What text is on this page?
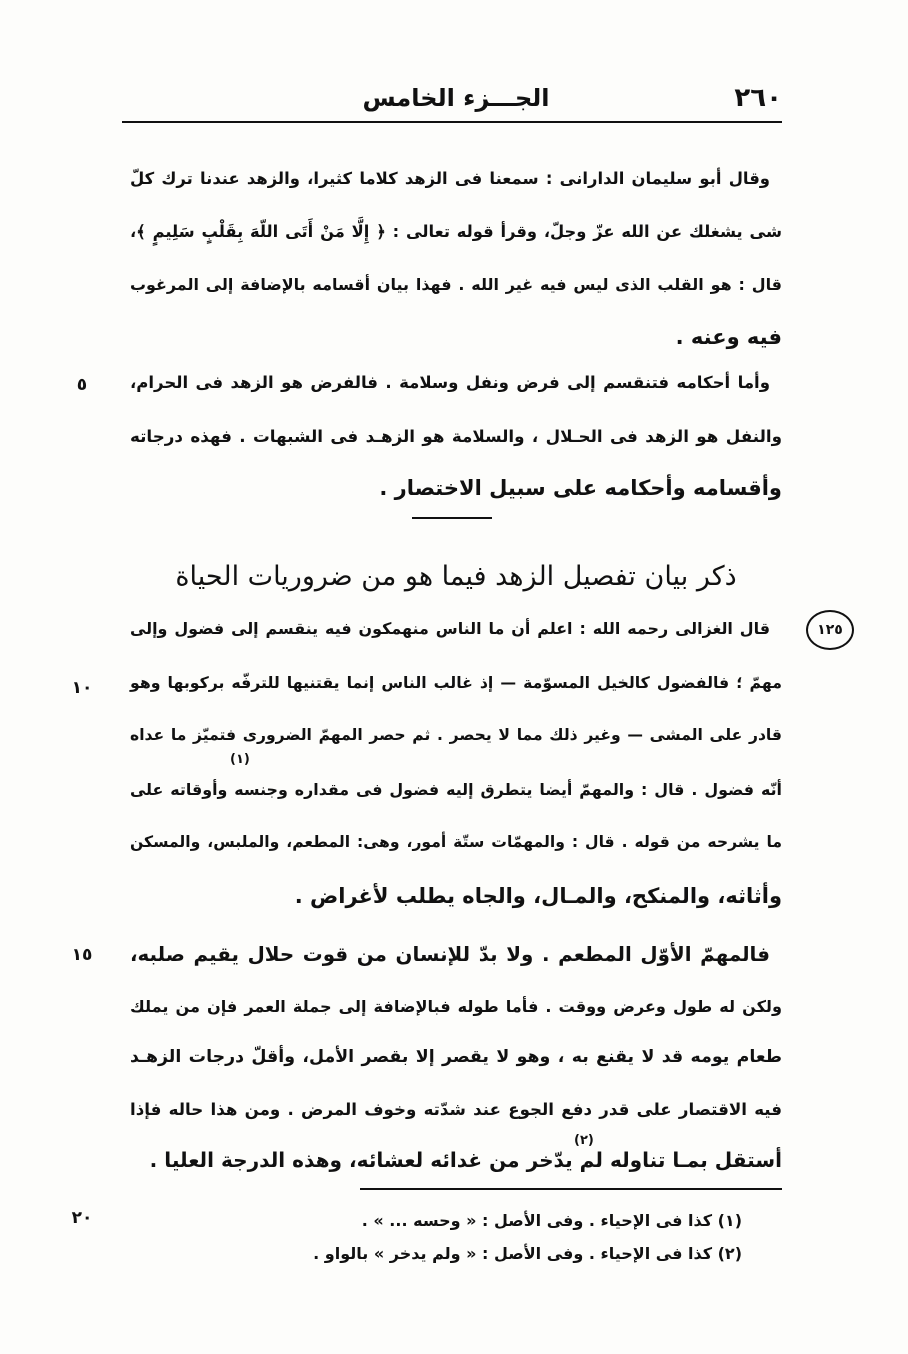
٢٦٠
الجـــزء الخامس
وقال أبو سليمان الدارانى : سمعنا فى الزهد كلاما كثيرا، والزهد عندنا ترك كلّ
شى يشغلك عن الله عزّ وجلّ، وقرأ قوله تعالى : ﴿ إِلَّا مَنْ أَتَى اللّهَ بِقَلْبٍ سَلِيمٍ ﴾،
قال : هو القلب الذى ليس فيه غير الله . فهذا بيان أقسامه بالإضافة إلى المرغوب
فيه وعنه .
وأما أحكامه فتنقسم إلى فرض ونفل وسلامة . فالفرض هو الزهد فى الحرام،
والنفل هو الزهد فى الحـلال ، والسلامة هو الزهـد فى الشبهات . فهذه درجاته
وأقسامه وأحكامه على سبيل الاختصار .
ذكر بيان تفصيل الزهد فيما هو من ضروريات الحياة
قال الغزالى رحمه الله : اعلم أن ما الناس منهمكون فيه ينقسم إلى فضول وإلى
مهمّ ؛ فالفضول كالخيل المسوّمة — إذ غالب الناس إنما يقتنيها للترفّه بركوبها وهو
قادر على المشى — وغير ذلك مما لا يحصر . ثم حصر المهمّ الضرورى فتميّز ما عداه
أنّه فضول . قال : والمهمّ أيضا يتطرق إليه فضول فى مقداره وجنسه وأوقاته على
ما يشرحه من قوله . قال : والمهمّات ستّة أمور، وهى: المطعم، والملبس، والمسكن
وأثاثه، والمنكح، والمـال، والجاه يطلب لأغراض .
فالمهمّ الأوّل المطعم . ولا بدّ للإنسان من قوت حلال يقيم صلبه،
ولكن له طول وعرض ووقت . فأما طوله فبالإضافة إلى جملة العمر فإن من يملك
طعام يومه قد لا يقنع به ، وهو لا يقصر إلا بقصر الأمل، وأقلّ درجات الزهـد
فيه الاقتصار على قدر دفع الجوع عند شدّته وخوف المرض . ومن هذا حاله فإذا
أستقل بمـا تناوله لم يدّخر من غدائه لعشائه، وهذه الدرجة العليا .
٥
١٠
١٥
٢٠
١٢٥
(١)
(٢)
(١) كذا فى الإحياء . وفى الأصل : « وحسه ... » .
(٢) كذا فى الإحياء . وفى الأصل : « ولم يدخر » بالواو .
